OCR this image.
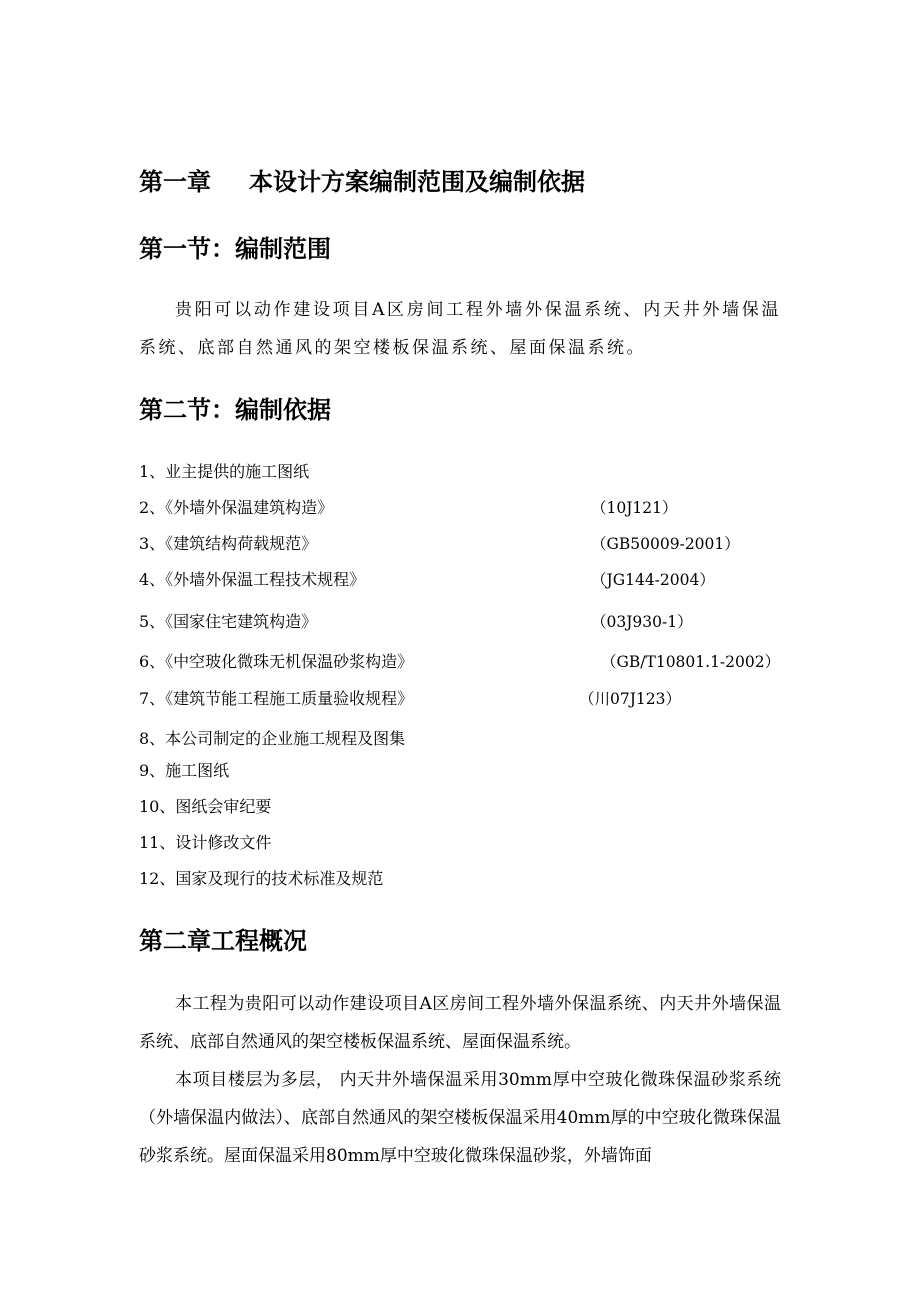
第一章 本设计方案编制范围及编制依据
第一节：编制范围

贵阳可以动作建设项目A区房间工程外墙外保温系统、内天井外墙保温系统、底部自然通风的架空楼板保温系统、屋面保温系统。

第二节：编制依据
1、业主提供的施工图纸
2、《外墙外保温建筑构造》	（10J121）
3、《建筑结构荷载规范》	（GB50009-2001）
4、《外墙外保温工程技术规程》	（JG144-2004）
5、《国家住宅建筑构造》	（03J930-1）
6、《中空玻化微珠无机保温砂浆构造》	（GB/T10801.1-2002）
7、《建筑节能工程施工质量验收规程》	（川07J123）
8、本公司制定的企业施工规程及图集
9、施工图纸
10、图纸会审纪要
11、设计修改文件
12、国家及现行的技术标准及规范
第二章工程概况

本工程为贵阳可以动作建设项目A区房间工程外墙外保温系统、内天井外墙保温系统、底部自然通风的架空楼板保温系统、屋面保温系统。

本项目楼层为多层， 内天井外墙保温采用30mm厚中空玻化微珠保温砂浆系统（外墙保温内做法）、底部自然通风的架空楼板保温采用40mm厚的中空玻化微珠保温砂浆系统。屋面保温采用80mm厚中空玻化微珠保温砂浆，外墙饰面
